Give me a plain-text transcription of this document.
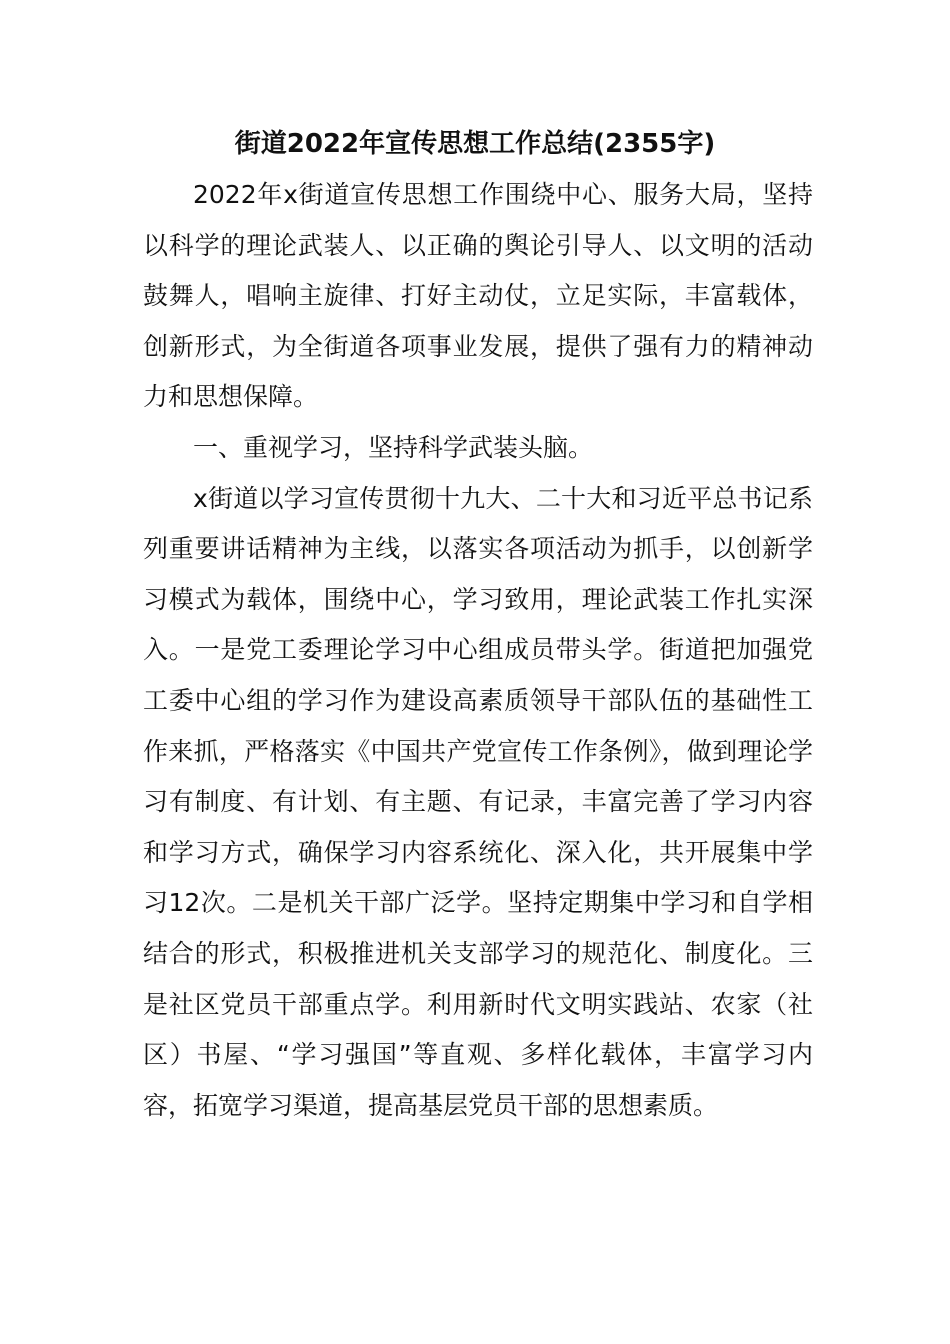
街道2022年宣传思想工作总结(2355字)

2022年x街道宣传思想工作围绕中心、服务大局，坚持以科学的理论武装人、以正确的舆论引导人、以文明的活动鼓舞人，唱响主旋律、打好主动仗，立足实际，丰富载体，创新形式，为全街道各项事业发展，提供了强有力的精神动力和思想保障。

一、重视学习，坚持科学武装头脑。

x街道以学习宣传贯彻十九大、二十大和习近平总书记系列重要讲话精神为主线，以落实各项活动为抓手，以创新学习模式为载体，围绕中心，学习致用，理论武装工作扎实深入。一是党工委理论学习中心组成员带头学。街道把加强党工委中心组的学习作为建设高素质领导干部队伍的基础性工作来抓，严格落实《中国共产党宣传工作条例》，做到理论学习有制度、有计划、有主题、有记录，丰富完善了学习内容和学习方式，确保学习内容系统化、深入化，共开展集中学习12次。二是机关干部广泛学。坚持定期集中学习和自学相结合的形式，积极推进机关支部学习的规范化、制度化。三是社区党员干部重点学。利用新时代文明实践站、农家（社区）书屋、“学习强国”等直观、多样化载体，丰富学习内容，拓宽学习渠道，提高基层党员干部的思想素质。
